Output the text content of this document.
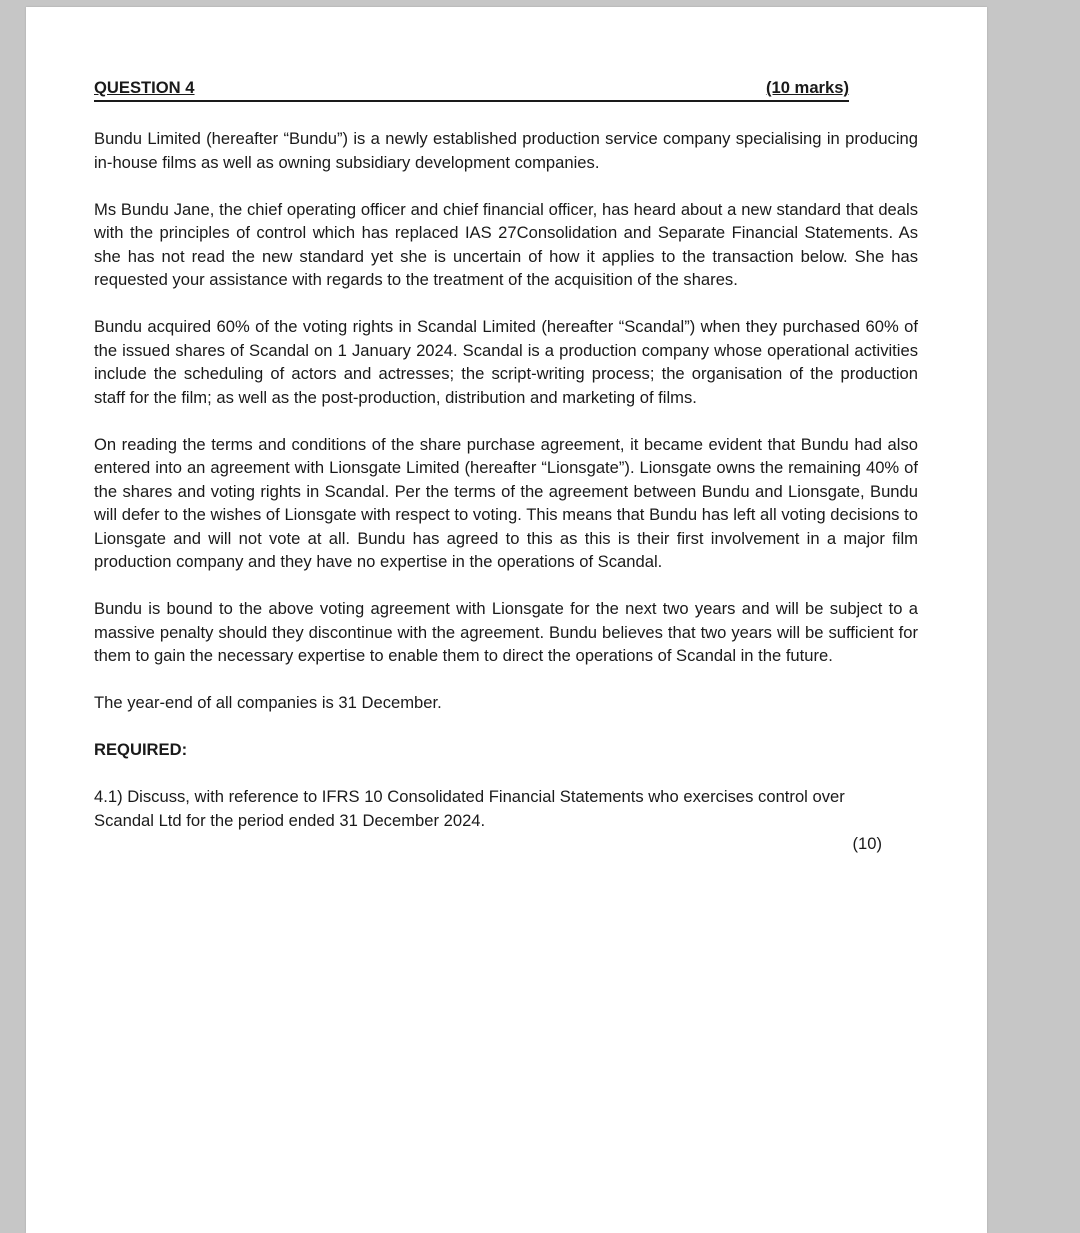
QUESTION 4	(10 marks)

Bundu Limited (hereafter “Bundu”) is a newly established production service company specialising in producing in-house films as well as owning subsidiary development companies.

Ms Bundu Jane, the chief operating officer and chief financial officer, has heard about a new standard that deals with the principles of control which has replaced IAS 27Consolidation and Separate Financial Statements. As she has not read the new standard yet she is uncertain of how it applies to the transaction below. She has requested your assistance with regards to the treatment of the acquisition of the shares.

Bundu acquired 60% of the voting rights in Scandal Limited (hereafter “Scandal”) when they purchased 60% of the issued shares of Scandal on 1 January 2024. Scandal is a production company whose operational activities include the scheduling of actors and actresses; the script-writing process; the organisation of the production staff for the film; as well as the post-production, distribution and marketing of films.

On reading the terms and conditions of the share purchase agreement, it became evident that Bundu had also entered into an agreement with Lionsgate Limited (hereafter “Lionsgate”). Lionsgate owns the remaining 40% of the shares and voting rights in Scandal. Per the terms of the agreement between Bundu and Lionsgate, Bundu will defer to the wishes of Lionsgate with respect to voting. This means that Bundu has left all voting decisions to Lionsgate and will not vote at all. Bundu has agreed to this as this is their first involvement in a major film production company and they have no expertise in the operations of Scandal.

Bundu is bound to the above voting agreement with Lionsgate for the next two years and will be subject to a massive penalty should they discontinue with the agreement. Bundu believes that two years will be sufficient for them to gain the necessary expertise to enable them to direct the operations of Scandal in the future.

The year-end of all companies is 31 December.

REQUIRED:

4.1) Discuss, with reference to IFRS 10 Consolidated Financial Statements who exercises control over Scandal Ltd for the period ended 31 December 2024.

(10)
